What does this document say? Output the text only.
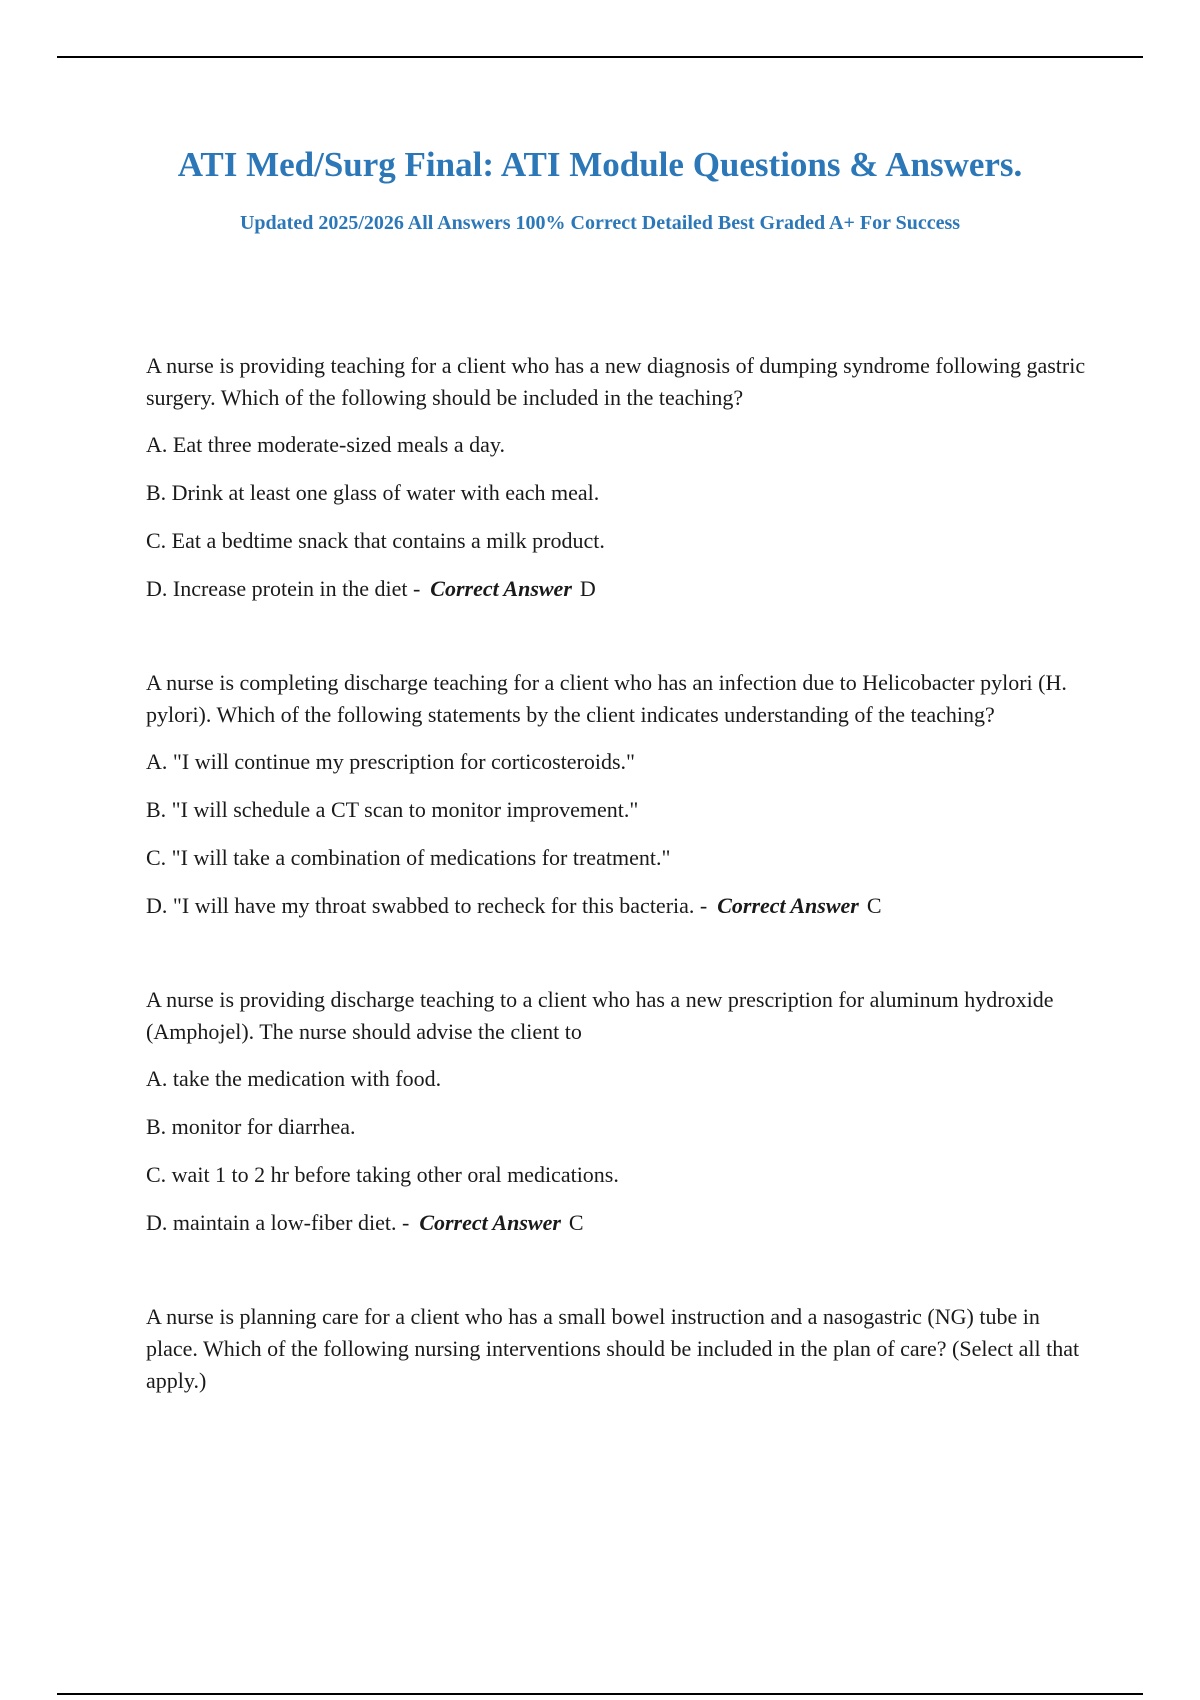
ATI Med/Surg Final: ATI Module Questions & Answers.

Updated 2025/2026 All Answers 100% Correct Detailed Best Graded A+ For Success

A nurse is providing teaching for a client who has a new diagnosis of dumping syndrome following gastric surgery. Which of the following should be included in the teaching?

A. Eat three moderate-sized meals a day.

B. Drink at least one glass of water with each meal.

C. Eat a bedtime snack that contains a milk product.

D. Increase protein in the diet - Correct Answer D

A nurse is completing discharge teaching for a client who has an infection due to Helicobacter pylori (H. pylori). Which of the following statements by the client indicates understanding of the teaching?

A. "I will continue my prescription for corticosteroids."

B. "I will schedule a CT scan to monitor improvement."

C. "I will take a combination of medications for treatment."

D. "I will have my throat swabbed to recheck for this bacteria. - Correct Answer C

A nurse is providing discharge teaching to a client who has a new prescription for aluminum hydroxide (Amphojel). The nurse should advise the client to

A. take the medication with food.

B. monitor for diarrhea.

C. wait 1 to 2 hr before taking other oral medications.

D. maintain a low-fiber diet. - Correct Answer C

A nurse is planning care for a client who has a small bowel instruction and a nasogastric (NG) tube in place. Which of the following nursing interventions should be included in the plan of care? (Select all that apply.)
